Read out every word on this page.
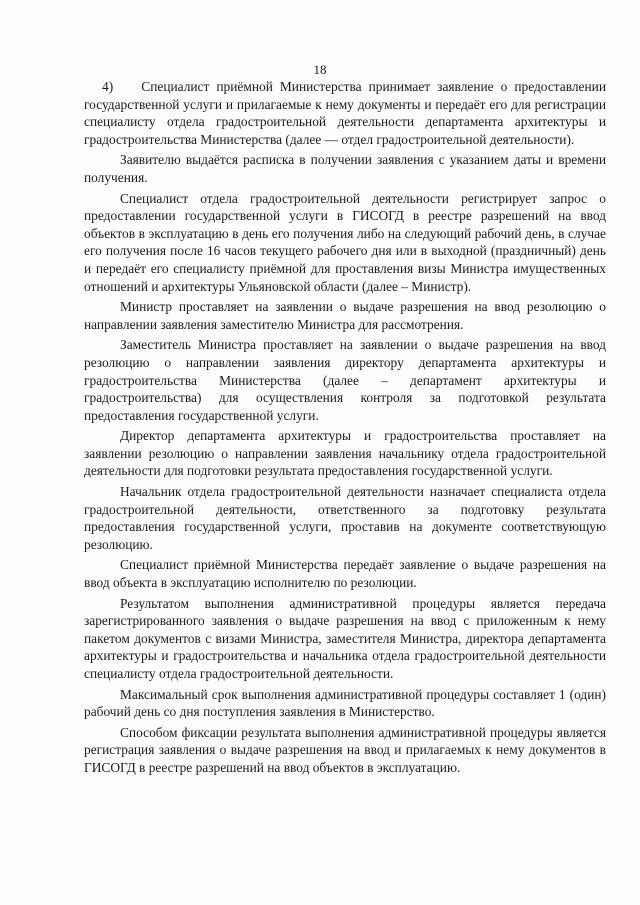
18

4)    Специалист приёмной Министерства принимает заявление о предоставлении государственной услуги и прилагаемые к нему документы и передаёт его для регистрации специалисту отдела градостроительной деятельности департамента архитектуры и градостроительства Министерства (далее — отдел градостроительной деятельности).

Заявителю выдаётся расписка в получении заявления с указанием даты и времени получения.

Специалист отдела градостроительной деятельности регистрирует запрос о предоставлении государственной услуги в ГИСОГД в реестре разрешений на ввод объектов в эксплуатацию в день его получения либо на следующий рабочий день, в случае его получения после 16 часов текущего рабочего дня или в выходной (праздничный) день и передаёт его специалисту приёмной для проставления визы Министра имущественных отношений и архитектуры Ульяновской области (далее – Министр).

Министр проставляет на заявлении о выдаче разрешения на ввод резолюцию о направлении заявления заместителю Министра для рассмотрения.

Заместитель Министра проставляет на заявлении о выдаче разрешения на ввод резолюцию о направлении заявления директору департамента архитектуры и градостроительства Министерства (далее – департамент архитектуры и градостроительства) для осуществления контроля за подготовкой результата предоставления государственной услуги.

Директор департамента архитектуры и градостроительства проставляет на заявлении резолюцию о направлении заявления начальнику отдела градостроительной деятельности для подготовки результата предоставления государственной услуги.

Начальник отдела градостроительной деятельности назначает специалиста отдела градостроительной деятельности, ответственного за подготовку результата предоставления государственной услуги, проставив на документе соответствующую резолюцию.

Специалист приёмной Министерства передаёт заявление о выдаче разрешения на ввод объекта в эксплуатацию исполнителю по резолюции.

Результатом выполнения административной процедуры является передача зарегистрированного заявления о выдаче разрешения на ввод с приложенным к нему пакетом документов с визами Министра, заместителя Министра, директора департамента архитектуры и градостроительства и начальника отдела градостроительной деятельности специалисту отдела градостроительной деятельности.

Максимальный срок выполнения административной процедуры составляет 1 (один) рабочий день со дня поступления заявления в Министерство.

Способом фиксации результата выполнения административной процедуры является регистрация заявления о выдаче разрешения на ввод и прилагаемых к нему документов в ГИСОГД в реестре разрешений на ввод объектов в эксплуатацию.
